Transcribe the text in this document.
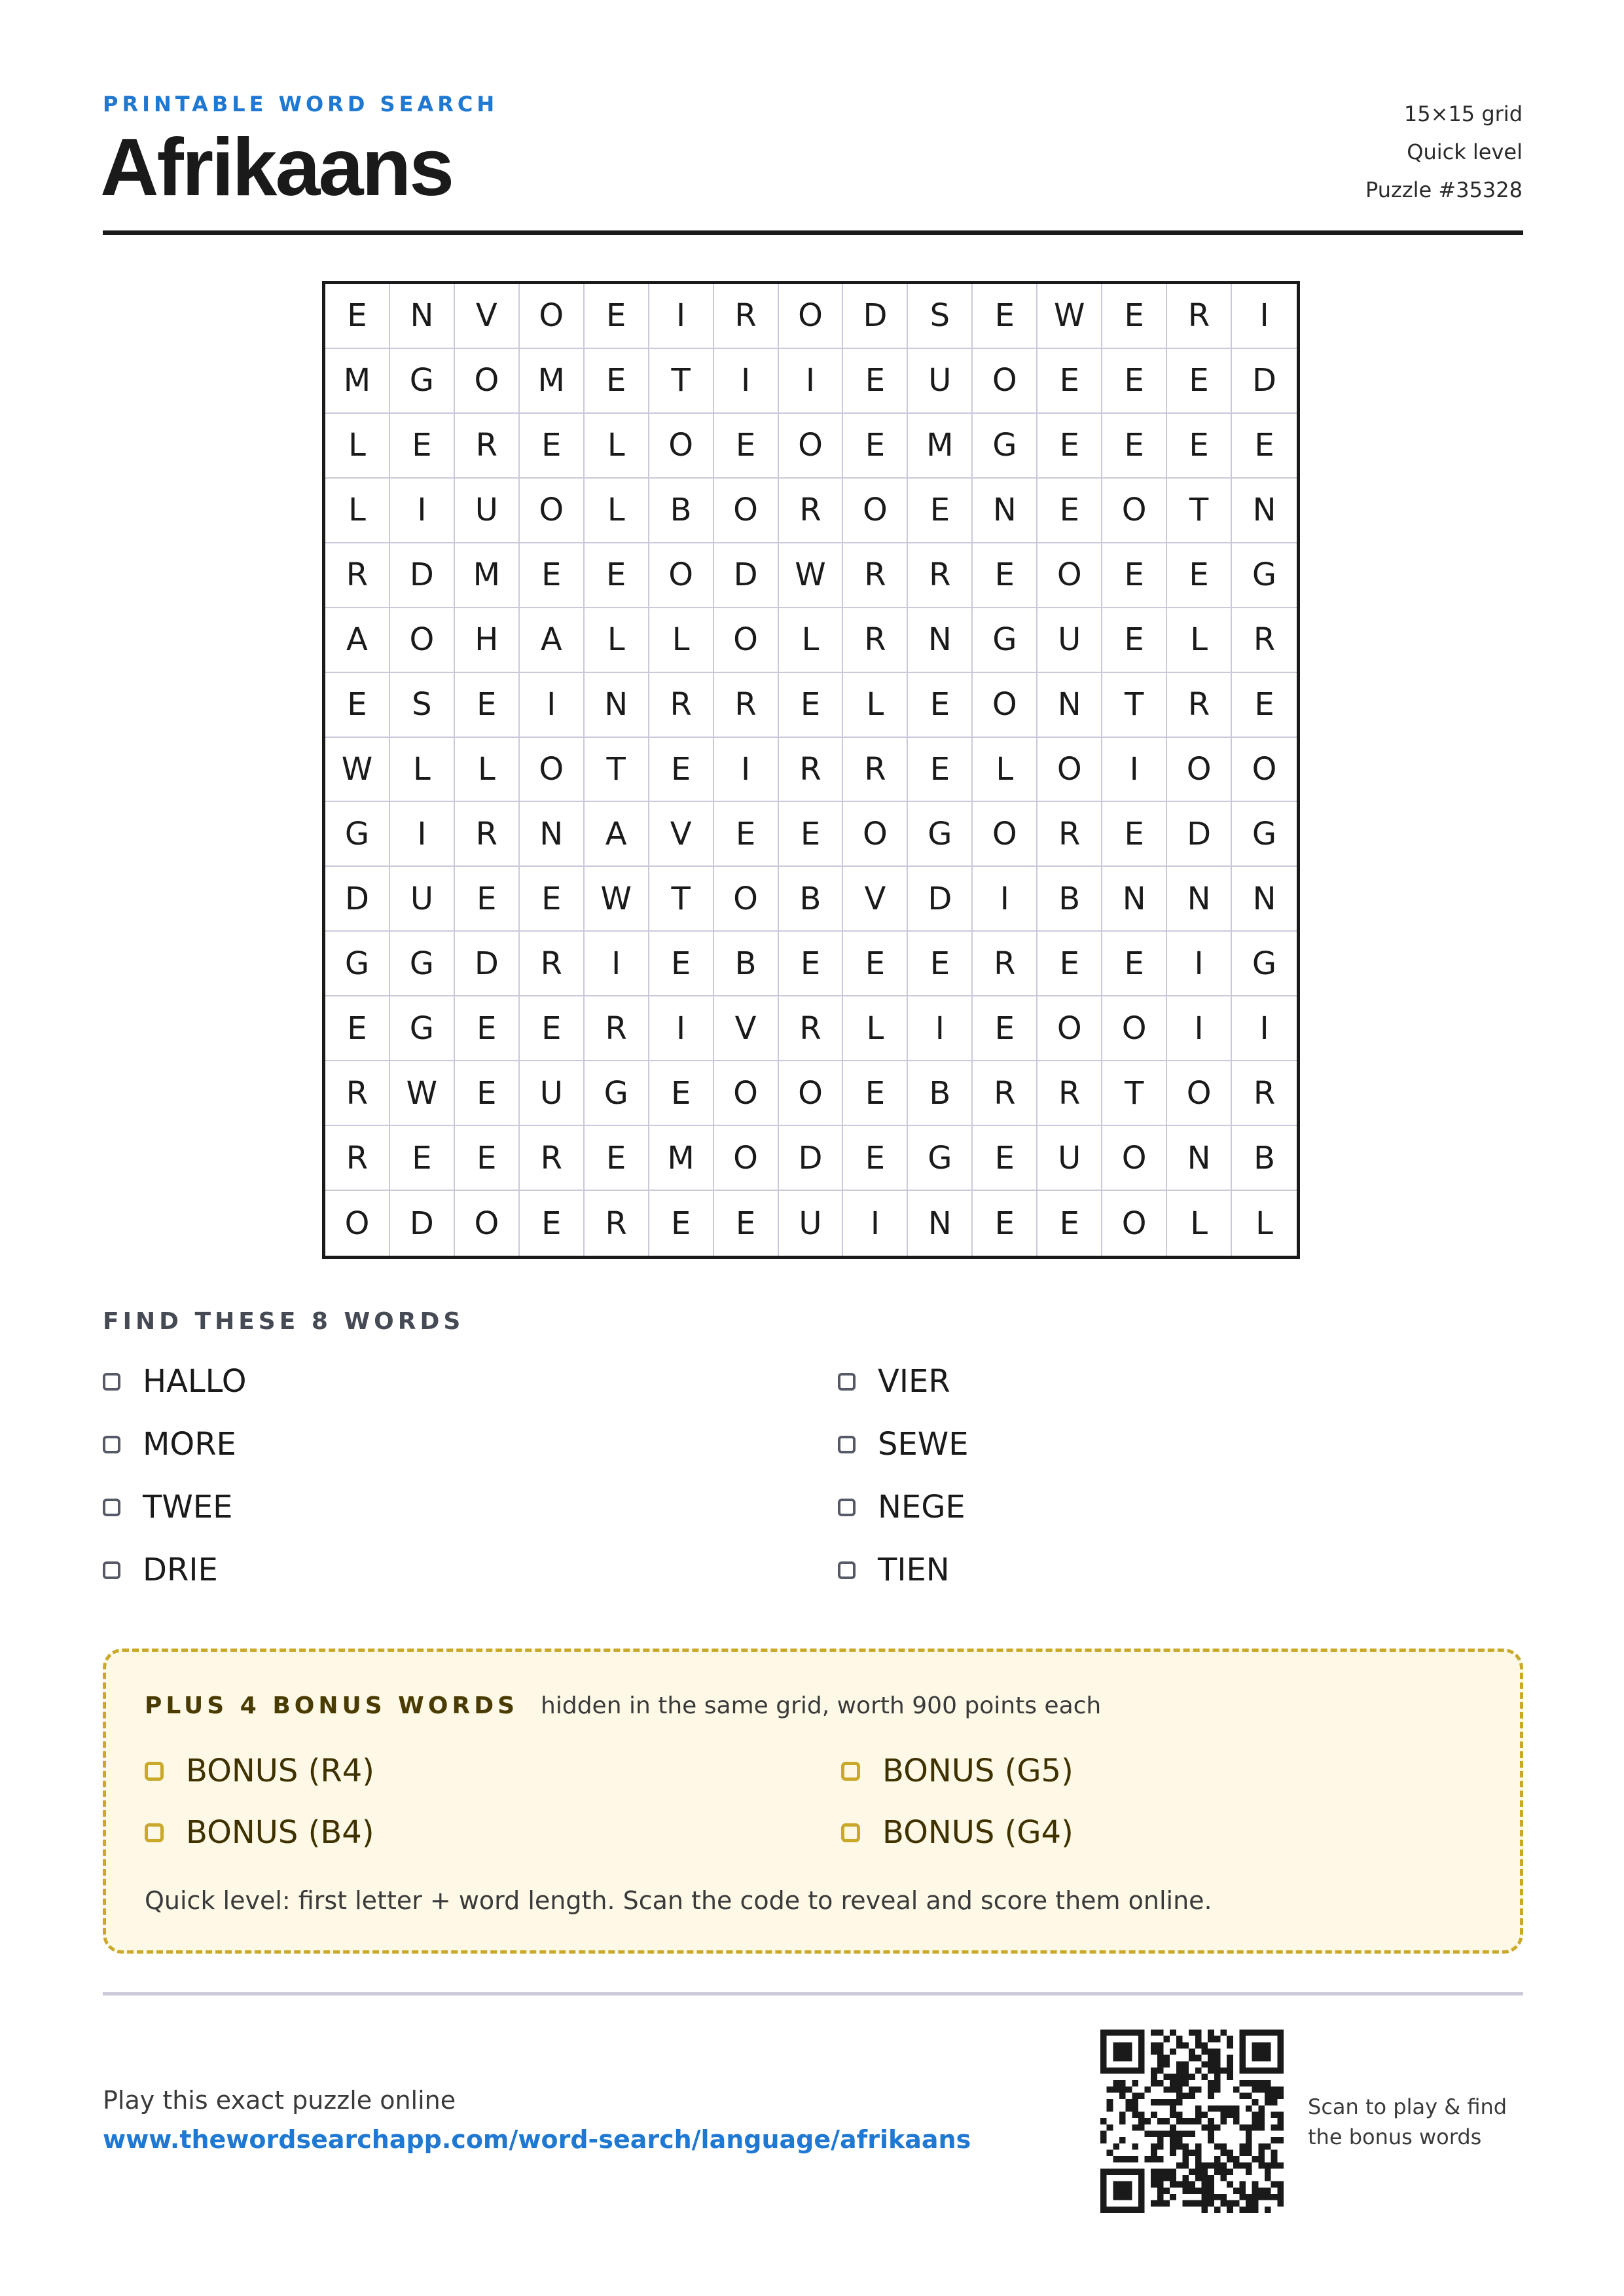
PRINTABLE WORD SEARCH
Afrikaans
15×15 grid
Quick level
Puzzle #35328
E	N	V	O	E	I	R	O	D	S	E	W	E	R	I
M	G	O	M	E	T	I	I	E	U	O	E	E	E	D
L	E	R	E	L	O	E	O	E	M	G	E	E	E	E
L	I	U	O	L	B	O	R	O	E	N	E	O	T	N
R	D	M	E	E	O	D	W	R	R	E	O	E	E	G
A	O	H	A	L	L	O	L	R	N	G	U	E	L	R
E	S	E	I	N	R	R	E	L	E	O	N	T	R	E
W	L	L	O	T	E	I	R	R	E	L	O	I	O	O
G	I	R	N	A	V	E	E	O	G	O	R	E	D	G
D	U	E	E	W	T	O	B	V	D	I	B	N	N	N
G	G	D	R	I	E	B	E	E	E	R	E	E	I	G
E	G	E	E	R	I	V	R	L	I	E	O	O	I	I
R	W	E	U	G	E	O	O	E	B	R	R	T	O	R
R	E	E	R	E	M	O	D	E	G	E	U	O	N	B
O	D	O	E	R	E	E	U	I	N	E	E	O	L	L
FIND THESE 8 WORDS
HALLO
MORE
TWEE
DRIE
VIER
SEWE
NEGE
TIEN
PLUS 4 BONUS WORDS hidden in the same grid, worth 900 points each
BONUS (R4)
BONUS (B4)
BONUS (G5)
BONUS (G4)
Quick level: first letter + word length. Scan the code to reveal and score them online.
Play this exact puzzle online
www.thewordsearchapp.com/word-search/language/afrikaans
Scan to play & find
the bonus words
